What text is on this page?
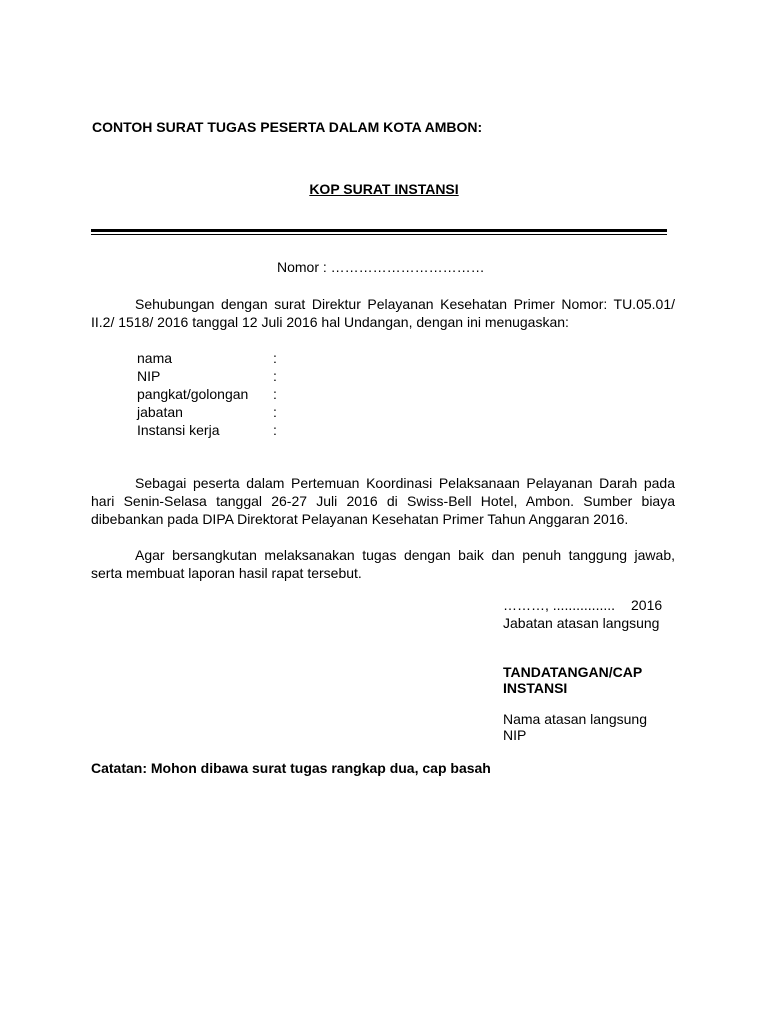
CONTOH SURAT TUGAS PESERTA DALAM KOTA AMBON:
KOP SURAT INSTANSI
Nomor : ……………………………
Sehubungan dengan surat Direktur Pelayanan Kesehatan Primer Nomor: TU.05.01/ II.2/ 1518/ 2016 tanggal 12 Juli 2016 hal Undangan, dengan ini menugaskan:
nama	:
NIP	:
pangkat/golongan :
jabatan	:
Instansi kerja	:
Sebagai peserta dalam Pertemuan Koordinasi Pelaksanaan Pelayanan Darah pada hari Senin-Selasa tanggal 26-27 Juli 2016 di Swiss-Bell Hotel, Ambon. Sumber biaya dibebankan pada DIPA Direktorat Pelayanan Kesehatan Primer Tahun Anggaran 2016.
Agar bersangkutan melaksanakan tugas dengan baik dan penuh tanggung jawab, serta membuat laporan hasil rapat tersebut.
………, ................ 2016
Jabatan atasan langsung
TANDATANGAN/CAP INSTANSI
Nama atasan langsung
NIP
Catatan: Mohon dibawa surat tugas rangkap dua, cap basah
